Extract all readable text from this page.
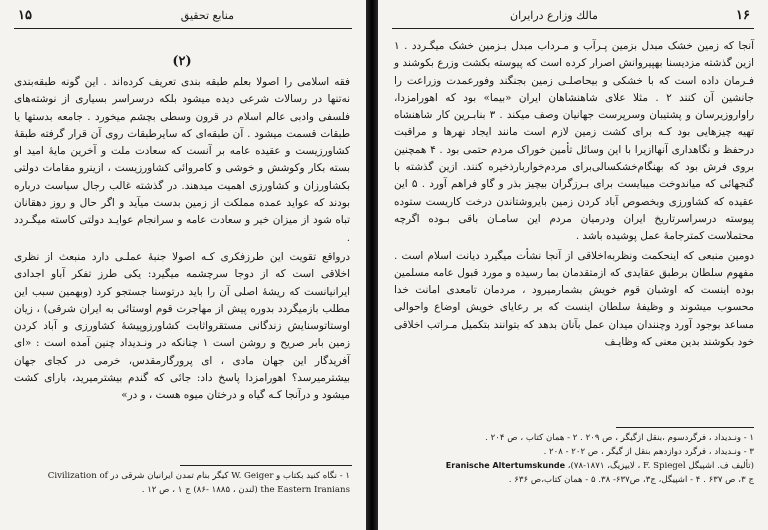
۱۵	منابع تحقیق
(۲)

فقه اسلامی را اصولا بعلم طبقه بندی تعریف کرده‌اند . این گونه طبقه‌بندی نه‌تنها در رسالات شرعی دیده میشود بلکه درسراسر بسیاری از نوشته‌های فلسفی وادبی عالم اسلام در قرون وسطی بچشم میخورد . جامعه بدستها یا طبقات قسمت میشود . آن طبقه‌ای که سایرطبقات روی آن قرار گرفته طبقهٔ کشاورزیست و عقیده عامه بر آنست که سعادت ملت و آخرین مایهٔ امید او بسته بکار وکوشش و خوشی و کامروائی کشاورزیست ، ازینرو مقامات دولتی بکشاورزان و کشاورزی اهمیت میدهند. در گذشته غالب رجال سیاست درباره بودند که عواید عمده مملکت از زمین بدست میآید و اگر حال و روز دهقانان تباه شود از میزان خیر و سعادت عامه و سرانجام عوایـد دولتی کاسته میگـردد .

درواقع تقویت این طرزفکری کـه اصولا جنبهٔ عملـی دارد منبعث از نظری اخلاقی است که از دوجا سرچشمه میگیرد: یکی طرز تفکر آباو اجدادی ایرانیانست که ریشهٔ اصلی آن را باید درتوسنا جستجو کرد (وبهمین سبب این مطلب بازمیگردد بدوره پیش از مهاجرت قوم اوستائی به ایران شرقی) ، زیان اوستاتوسنایش زندگانی مستقرواثابت کشاورزوپیشهٔ کشاورزی و آباد کردن زمین بابر صریح و روشن است ۱ چنانکه در ونـدیداد چنین آمده است : «ای آفریدگار این جهان مادی ، ای پرورگارمقدس، خرمی در کجای جهان بیشترمیرسد؟ اهورامزدا پاسخ داد: جائی که گندم بیشترمیرید، بارای کشت میشود و درآنجا کـه گیاه و درختان میوه هست ، و در»

۱ - نگاه کنید بکتاب و W. Geiger کیگر بنام تمدن ایرانیان شرقی در Civilization of
the Eastern Iranians (لندن ، ۱۸۸۵ -۸۶) ج ۱ ، ص ۱۲ .
۱۶
مالك وزارع درایران

آنجا که زمین خشک مبدل بزمین پـرآب و مـرداب مبدل بـزمین خشک میگـردد . ۱ ازین گذشته مزدیسنا بهپیروانش اصرار کرده است که پیوسته بکشت وزرع بکوشند و فـرمان داده است که با خشکی و بیحاصلـی زمین بجنگند وفورعمدت وزراعت را جانشین آن کنند ۲ . مثلا علای شاهنشاهان ایران «بیما» بود که اهورامزدا، راواروزیرسان و پشتیبان وسرپرست جهانیان وصف میکند . ۳ بنابـرین کار شاهنشاه تهیه چیزهایی بود کـه برای کشت زمین لازم است مانند ایجاد نهرها و مراقبت درحفظ و نگاهداری آنهاازیرا با این وسائل تأمین خوراک مردم حتمی بود . ۴ همچنین بروی فرش بود که بهنگام‌خشکسالی‌برای مردم‌خواربارذخیره کنند. ازین گذشته با گنجهائی که میاندوخت میبایست برای بـرزگران بیچیز بذر و گاو فراهم آورد . ۵ این عقیده که کشاورزی وبخصوص آباد کردن زمین بایروشتاندن درخت کاریست ستوده پیوسته درسراسرتاریخ ایران ودرمیان مردم این سامـان باقی بـوده اگرچه محتملاست کمترجامهٔ عمل پوشیده باشد .

دومین منبعی که اینحکمت ونظربه‌اخلاقی از آنجا نشأت میگیرد دیانت اسلام است . مفهوم سلطان برطبق عقایدی که ازمتقدمان بما رسیده و مورد قبول عامه مسلمین بوده اینست که اوشبان قوم خویش بشمارمیرود ، مردمان تامعدی امانت خدا محسوب میشوند و وظیفهٔ سلطان اینست که بر رعایای خویش اوضاع واحوالی مساعد بوجود آورد وچنندان میدان عمل بآنان بدهد که بتوانند بتکمیل مـراتب اخلاقی خود بکوشند بدین معنی که وظایـف

۱ - ونـدیداد ، فرگرد‌سوم ،بنقل ازگیگر ، ص ۲۰۹ . ۲ - همان کتاب ، ص ۲۰۴ .
۳ - ونـدیداد ، فرگرد دوازدهم بنقل از گیگر ، ص ۲۰۲ - ۲۰۸ .
(تألیف ف. اشپیگل F. Spiegel ، لایپزیگ، ۱۸۷۱-۷۸)، Eranische Altertumskunde
ج ۳، ص ۶۳۷ . ۴ - اشپیگل، ج۳، ص۶۳۷- ۳۸. ۵ - همان کتاب،ص ۶۳۶ .
